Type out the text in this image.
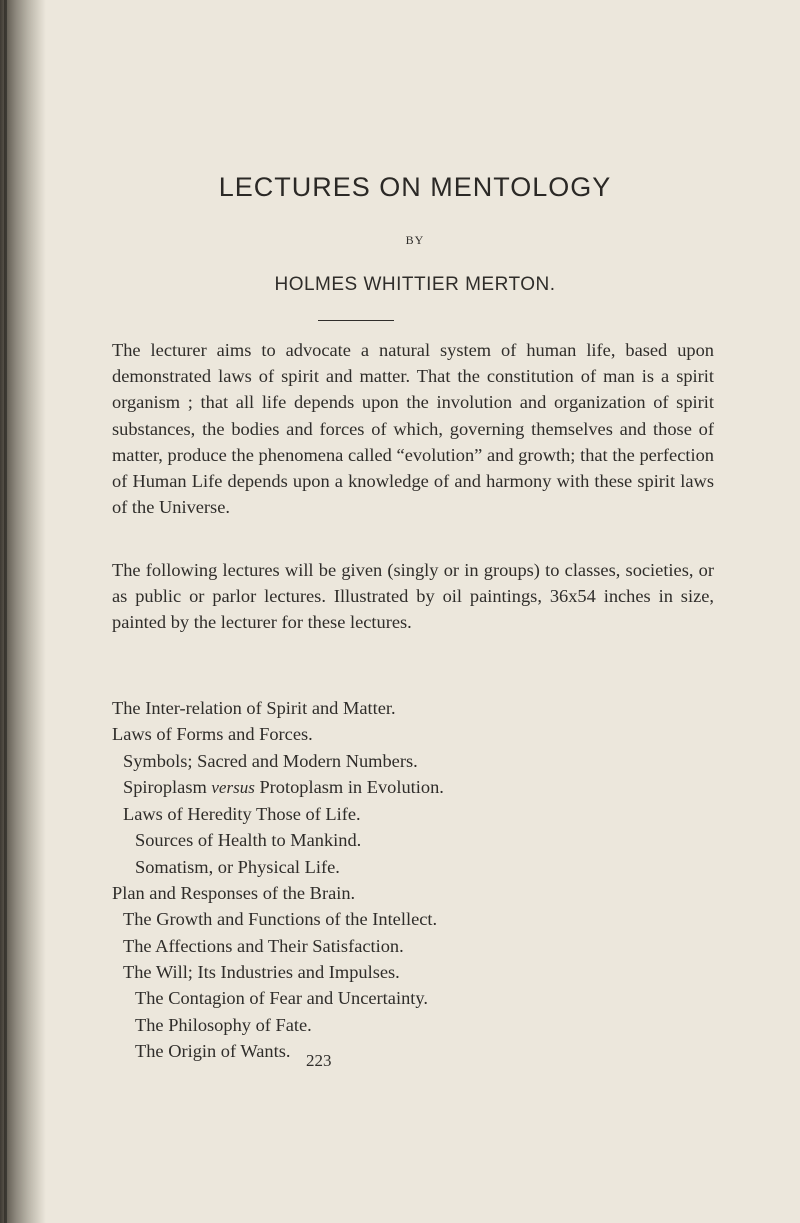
LECTURES ON MENTOLOGY
BY
HOLMES WHITTIER MERTON.
The lecturer aims to advocate a natural system of human life, based upon demonstrated laws of spirit and matter. That the constitution of man is a spirit organism ; that all life depends upon the involution and organization of spirit substances, the bodies and forces of which, governing themselves and those of matter, produce the phenomena called “evolution” and growth; that the perfection of Human Life depends upon a knowledge of and harmony with these spirit laws of the Universe.
The following lectures will be given (singly or in groups) to classes, societies, or as public or parlor lectures. Illustrated by oil paintings, 36x54 inches in size, painted by the lecturer for these lectures.
The Inter-relation of Spirit and Matter.
Laws of Forms and Forces.
Symbols; Sacred and Modern Numbers.
Spiroplasm versus Protoplasm in Evolution.
Laws of Heredity Those of Life.
Sources of Health to Mankind.
Somatism, or Physical Life.
Plan and Responses of the Brain.
The Growth and Functions of the Intellect.
The Affections and Their Satisfaction.
The Will; Its Industries and Impulses.
The Contagion of Fear and Uncertainty.
The Philosophy of Fate.
The Origin of Wants. 223
